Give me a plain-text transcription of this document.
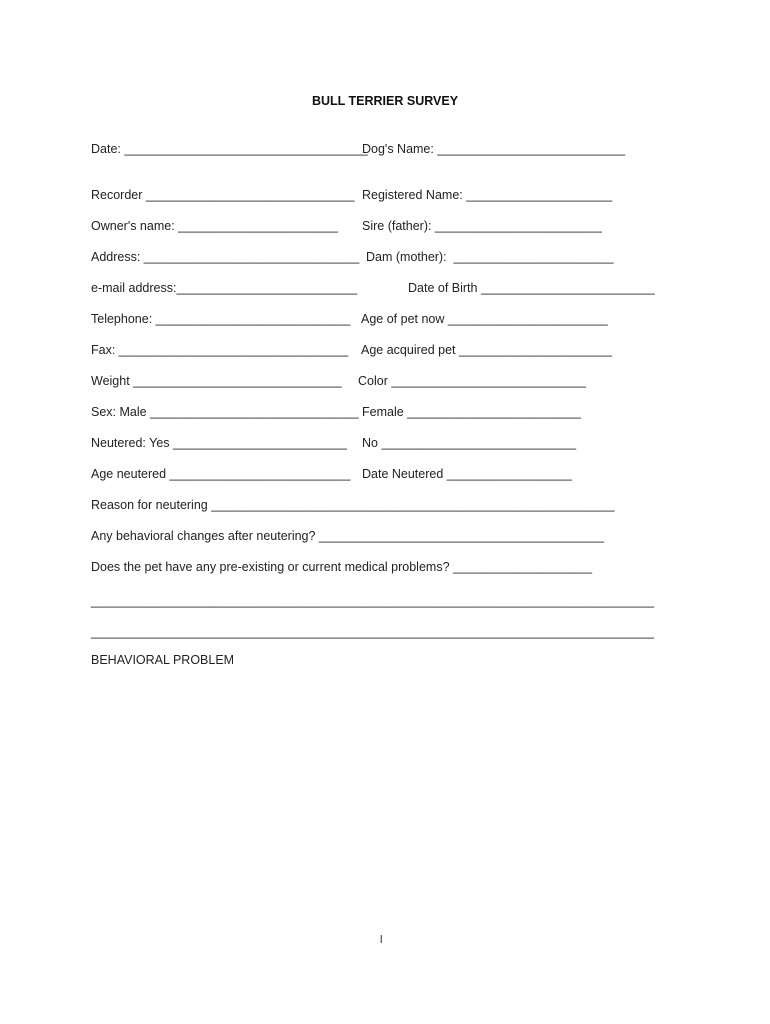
BULL TERRIER SURVEY
Date: ___________________________________
Dog's Name: ___________________________
Recorder ______________________________ Registered Name: _____________________
Owner's name: _______________________ Sire (father): ________________________
Address: _______________________________ Dam (mother):  _______________________
e-mail address:__________________________	Date of Birth _________________________
Telephone: ____________________________ Age of pet now _______________________
Fax: _________________________________ Age acquired pet ______________________
Weight ______________________________ Color ____________________________
Sex: Male ______________________________ Female _________________________
Neutered: Yes _________________________ No ____________________________
Age neutered __________________________ Date Neutered __________________
Reason for neutering __________________________________________________________
Any behavioral changes after neutering? _________________________________________
Does the pet have any pre-existing or current medical problems? ____________________
_________________________________________________________________________________
_________________________________________________________________________________
BEHAVIORAL PROBLEM
l
